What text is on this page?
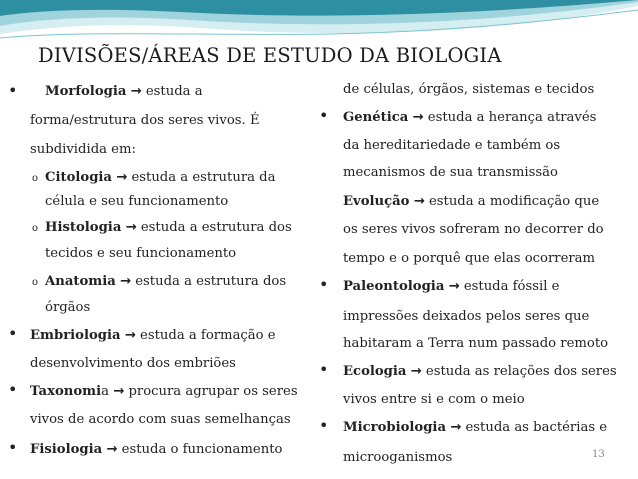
DIVISÕES/ÁREAS DE ESTUDO DA BIOLOGIA
• Morfologia → estuda a
forma/estrutura dos seres vivos. É
subdividida em:
o Citologia → estuda a estrutura da
célula e seu funcionamento
o Histologia → estuda a estrutura dos
tecidos e seu funcionamento
o Anatomia → estuda a estrutura dos
órgãos
• Embriologia → estuda a formação e
desenvolvimento dos embriões
• Taxonomia → procura agrupar os seres
vivos de acordo com suas semelhanças
• Fisiologia → estuda o funcionamento
de células, órgãos, sistemas e tecidos
• Genética → estuda a herança através
da hereditariedade e também os
mecanismos de sua transmissão
Evolução → estuda a modificação que
os seres vivos sofreram no decorrer do
tempo e o porquê que elas ocorreram
• Paleontologia → estuda fóssil e
impressões deixados pelos seres que
habitaram a Terra num passado remoto
• Ecologia → estuda as relações dos seres
vivos entre si e com o meio
• Microbiologia → estuda as bactérias e
microoganismos	13
